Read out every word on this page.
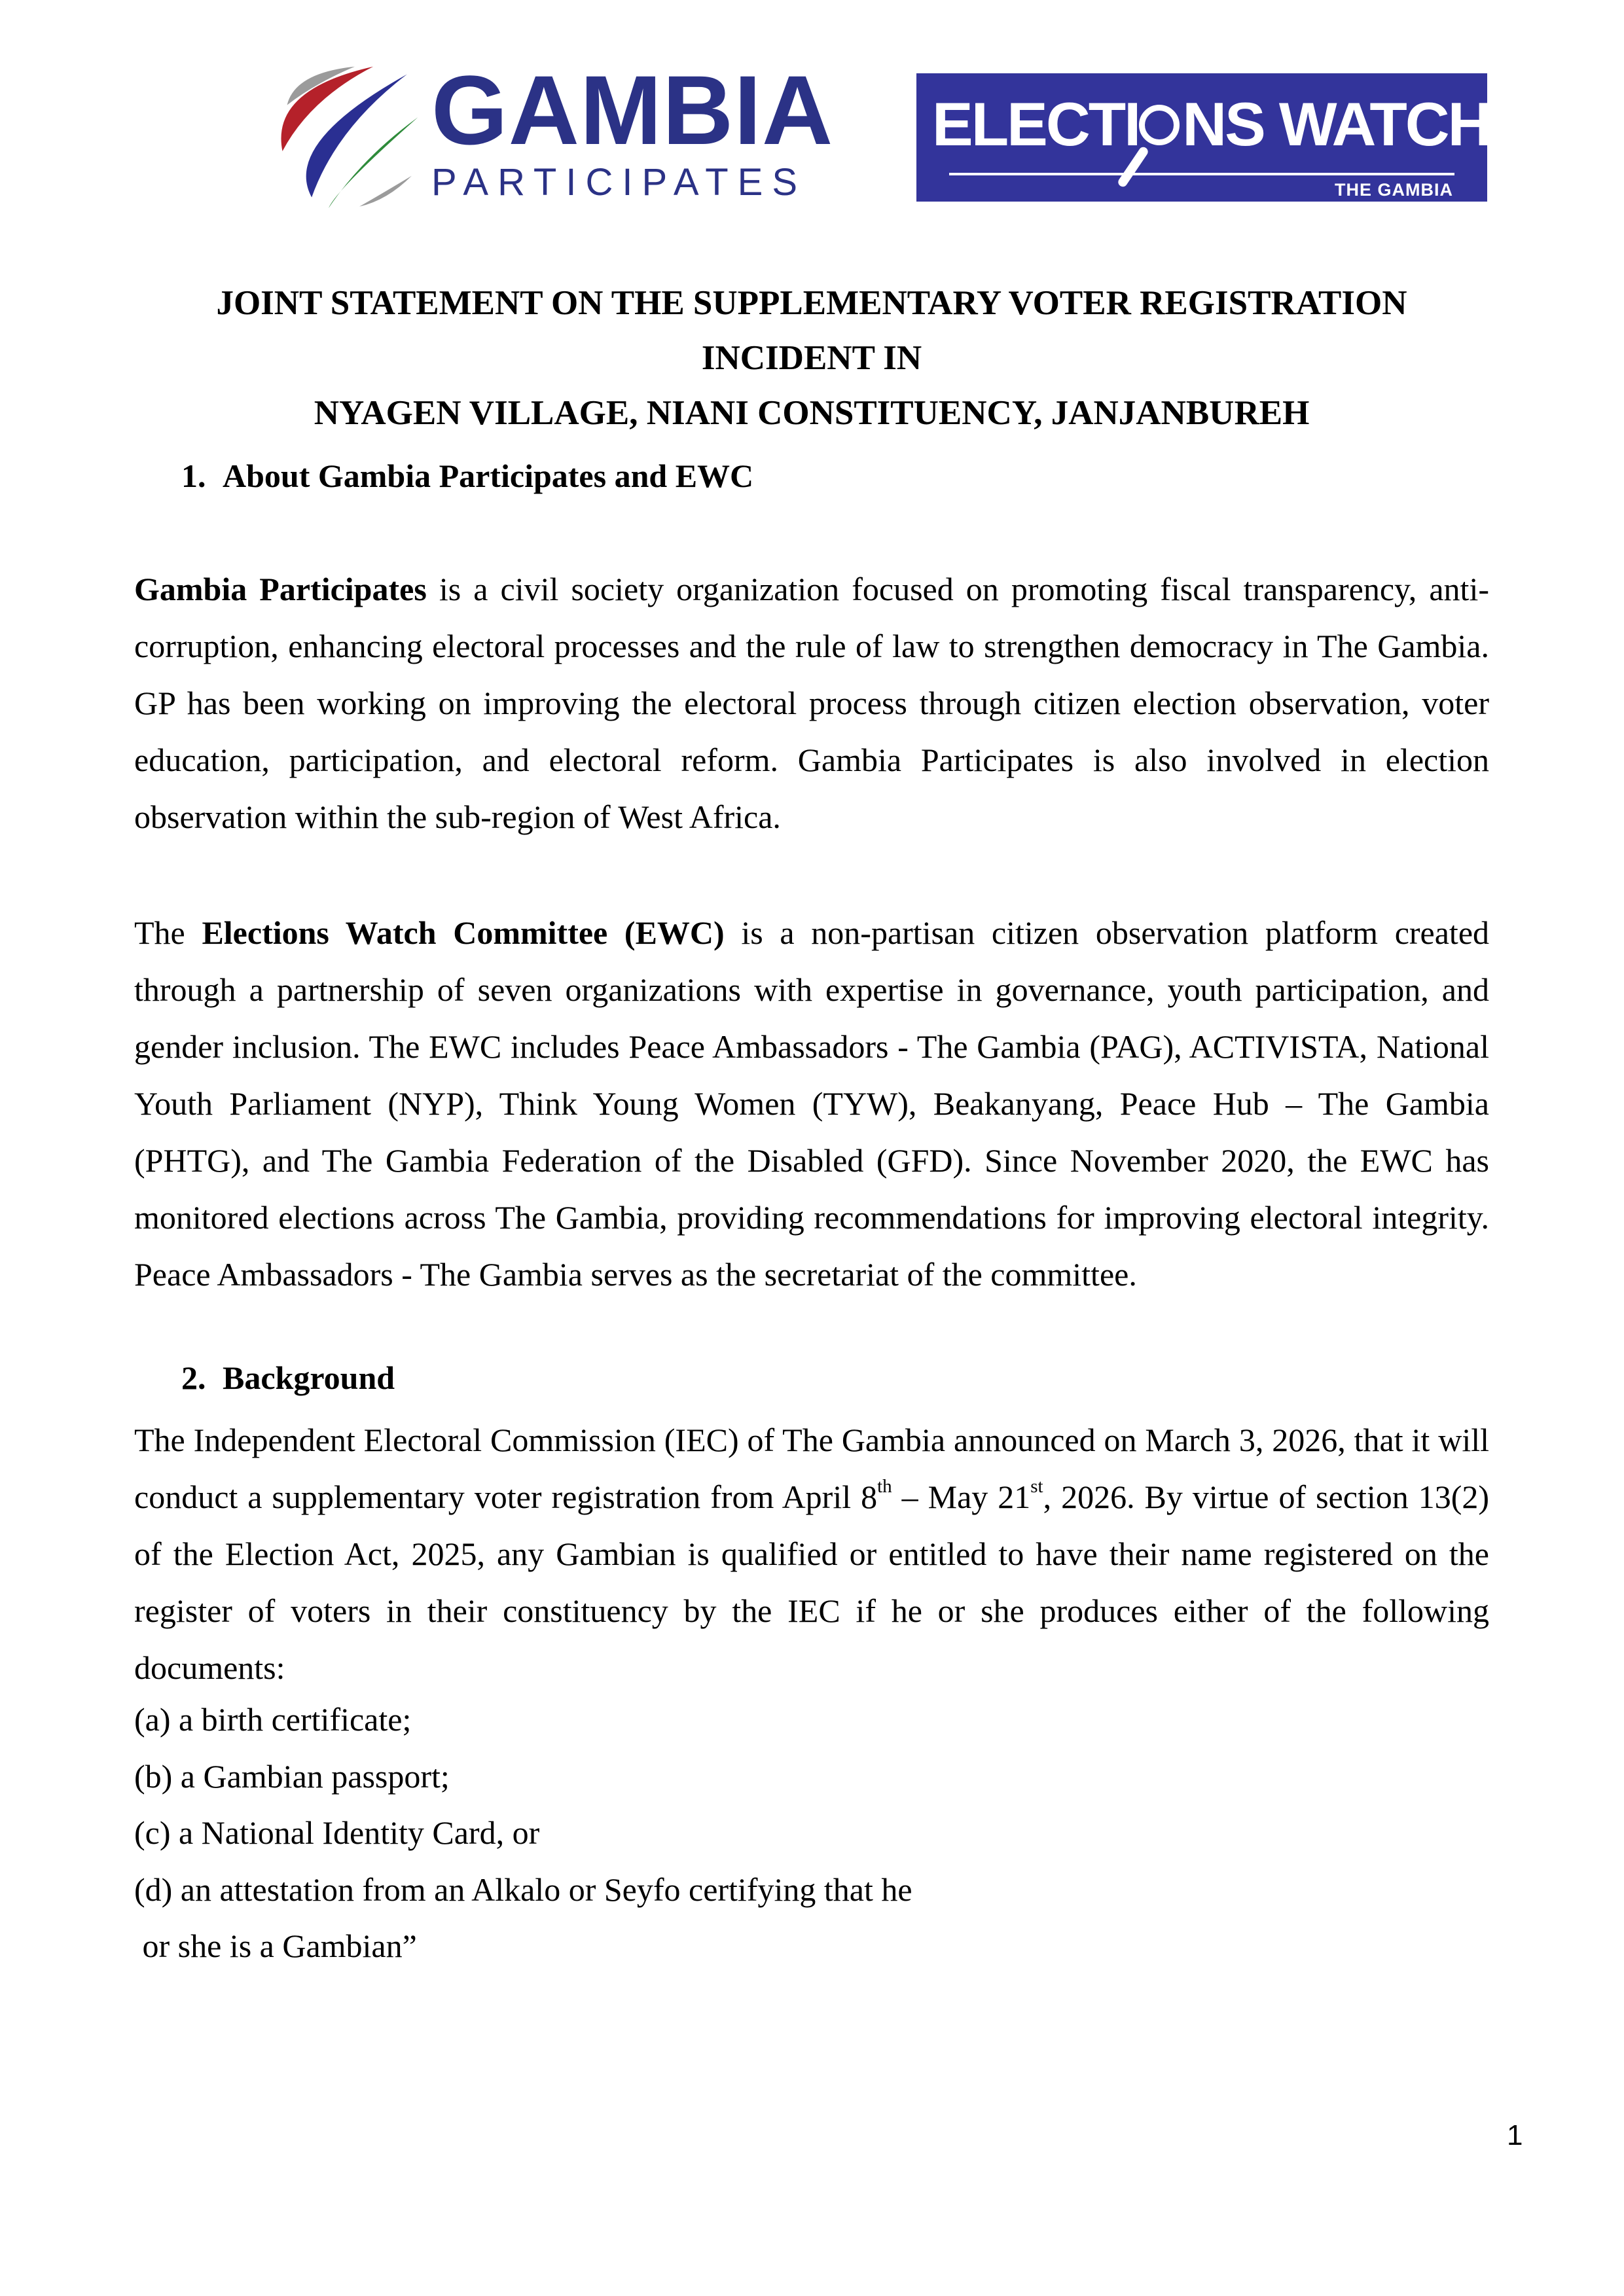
GAMBIA
PARTICIPATES
ELECTI NS WATCH
THE GAMBIA
JOINT STATEMENT ON THE SUPPLEMENTARY VOTER REGISTRATION INCIDENT IN
NYAGEN VILLAGE, NIANI CONSTITUENCY, JANJANBUREH
1. About Gambia Participates and EWC
Gambia Participates is a civil society organization focused on promoting fiscal transparency, anti-corruption, enhancing electoral processes and the rule of law to strengthen democracy in The Gambia. GP has been working on improving the electoral process through citizen election observation, voter education, participation, and electoral reform. Gambia Participates is also involved in election observation within the sub-region of West Africa.
The Elections Watch Committee (EWC) is a non-partisan citizen observation platform created through a partnership of seven organizations with expertise in governance, youth participation, and gender inclusion. The EWC includes Peace Ambassadors - The Gambia (PAG), ACTIVISTA, National Youth Parliament (NYP), Think Young Women (TYW), Beakanyang, Peace Hub – The Gambia (PHTG), and The Gambia Federation of the Disabled (GFD). Since November 2020, the EWC has monitored elections across The Gambia, providing recommendations for improving electoral integrity. Peace Ambassadors - The Gambia serves as the secretariat of the committee.
2. Background
The Independent Electoral Commission (IEC) of The Gambia announced on March 3, 2026, that it will conduct a supplementary voter registration from April 8th – May 21st, 2026. By virtue of section 13(2) of the Election Act, 2025, any Gambian is qualified or entitled to have their name registered on the register of voters in their constituency by the IEC if he or she produces either of the following documents:
(a) a birth certificate;
(b) a Gambian passport;
(c) a National Identity Card, or
(d) an attestation from an Alkalo or Seyfo certifying that he
or she is a Gambian”
1
